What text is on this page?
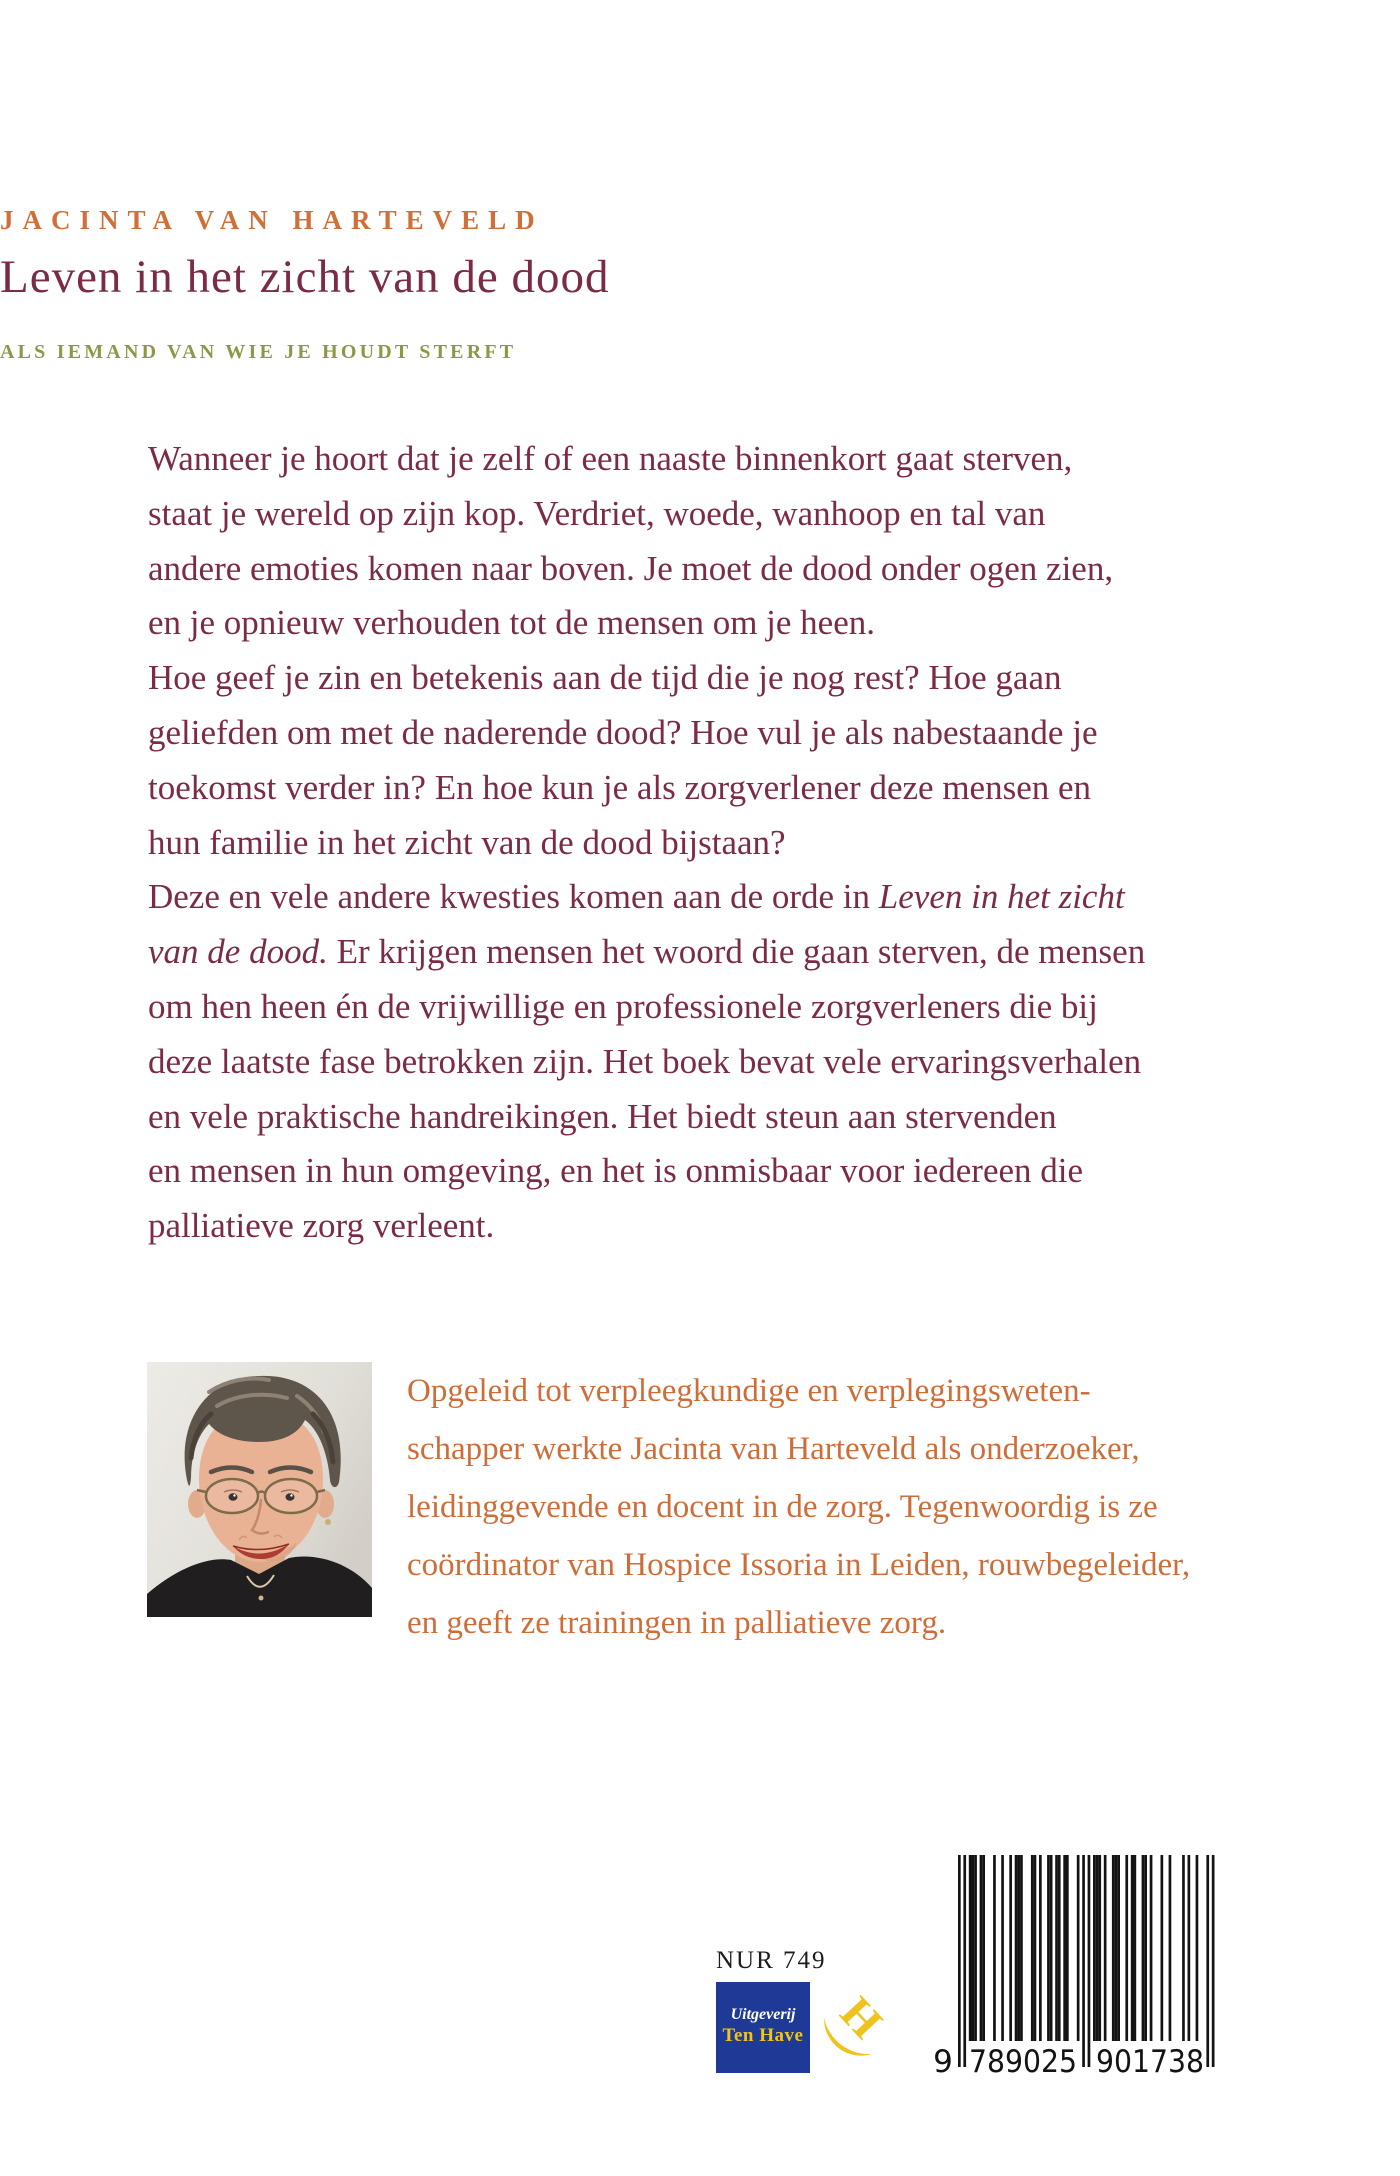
JACINTA VAN HARTEVELD
Leven in het zicht van de dood
ALS IEMAND VAN WIE JE HOUDT STERFT
Wanneer je hoort dat je zelf of een naaste binnenkort gaat sterven,
staat je wereld op zijn kop. Verdriet, woede, wanhoop en tal van
andere emoties komen naar boven. Je moet de dood onder ogen zien,
en je opnieuw verhouden tot de mensen om je heen.
Hoe geef je zin en betekenis aan de tijd die je nog rest? Hoe gaan
geliefden om met de naderende dood? Hoe vul je als nabestaande je
toekomst verder in? En hoe kun je als zorgverlener deze mensen en
hun familie in het zicht van de dood bijstaan?
Deze en vele andere kwesties komen aan de orde in Leven in het zicht
van de dood. Er krijgen mensen het woord die gaan sterven, de mensen
om hen heen én de vrijwillige en professionele zorgverleners die bij
deze laatste fase betrokken zijn. Het boek bevat vele ervaringsverhalen
en vele praktische handreikingen. Het biedt steun aan stervenden
en mensen in hun omgeving, en het is onmisbaar voor iedereen die
palliatieve zorg verleent.
Opgeleid tot verpleegkundige en verplegingsweten-
schapper werkte Jacinta van Harteveld als onderzoeker,
leidinggevende en docent in de zorg. Tegenwoordig is ze
coördinator van Hospice Issoria in Leiden, rouwbegeleider,
en geeft ze trainingen in palliatieve zorg.
NUR 749
Uitgeverij
Ten Have H
9 789025 901738
